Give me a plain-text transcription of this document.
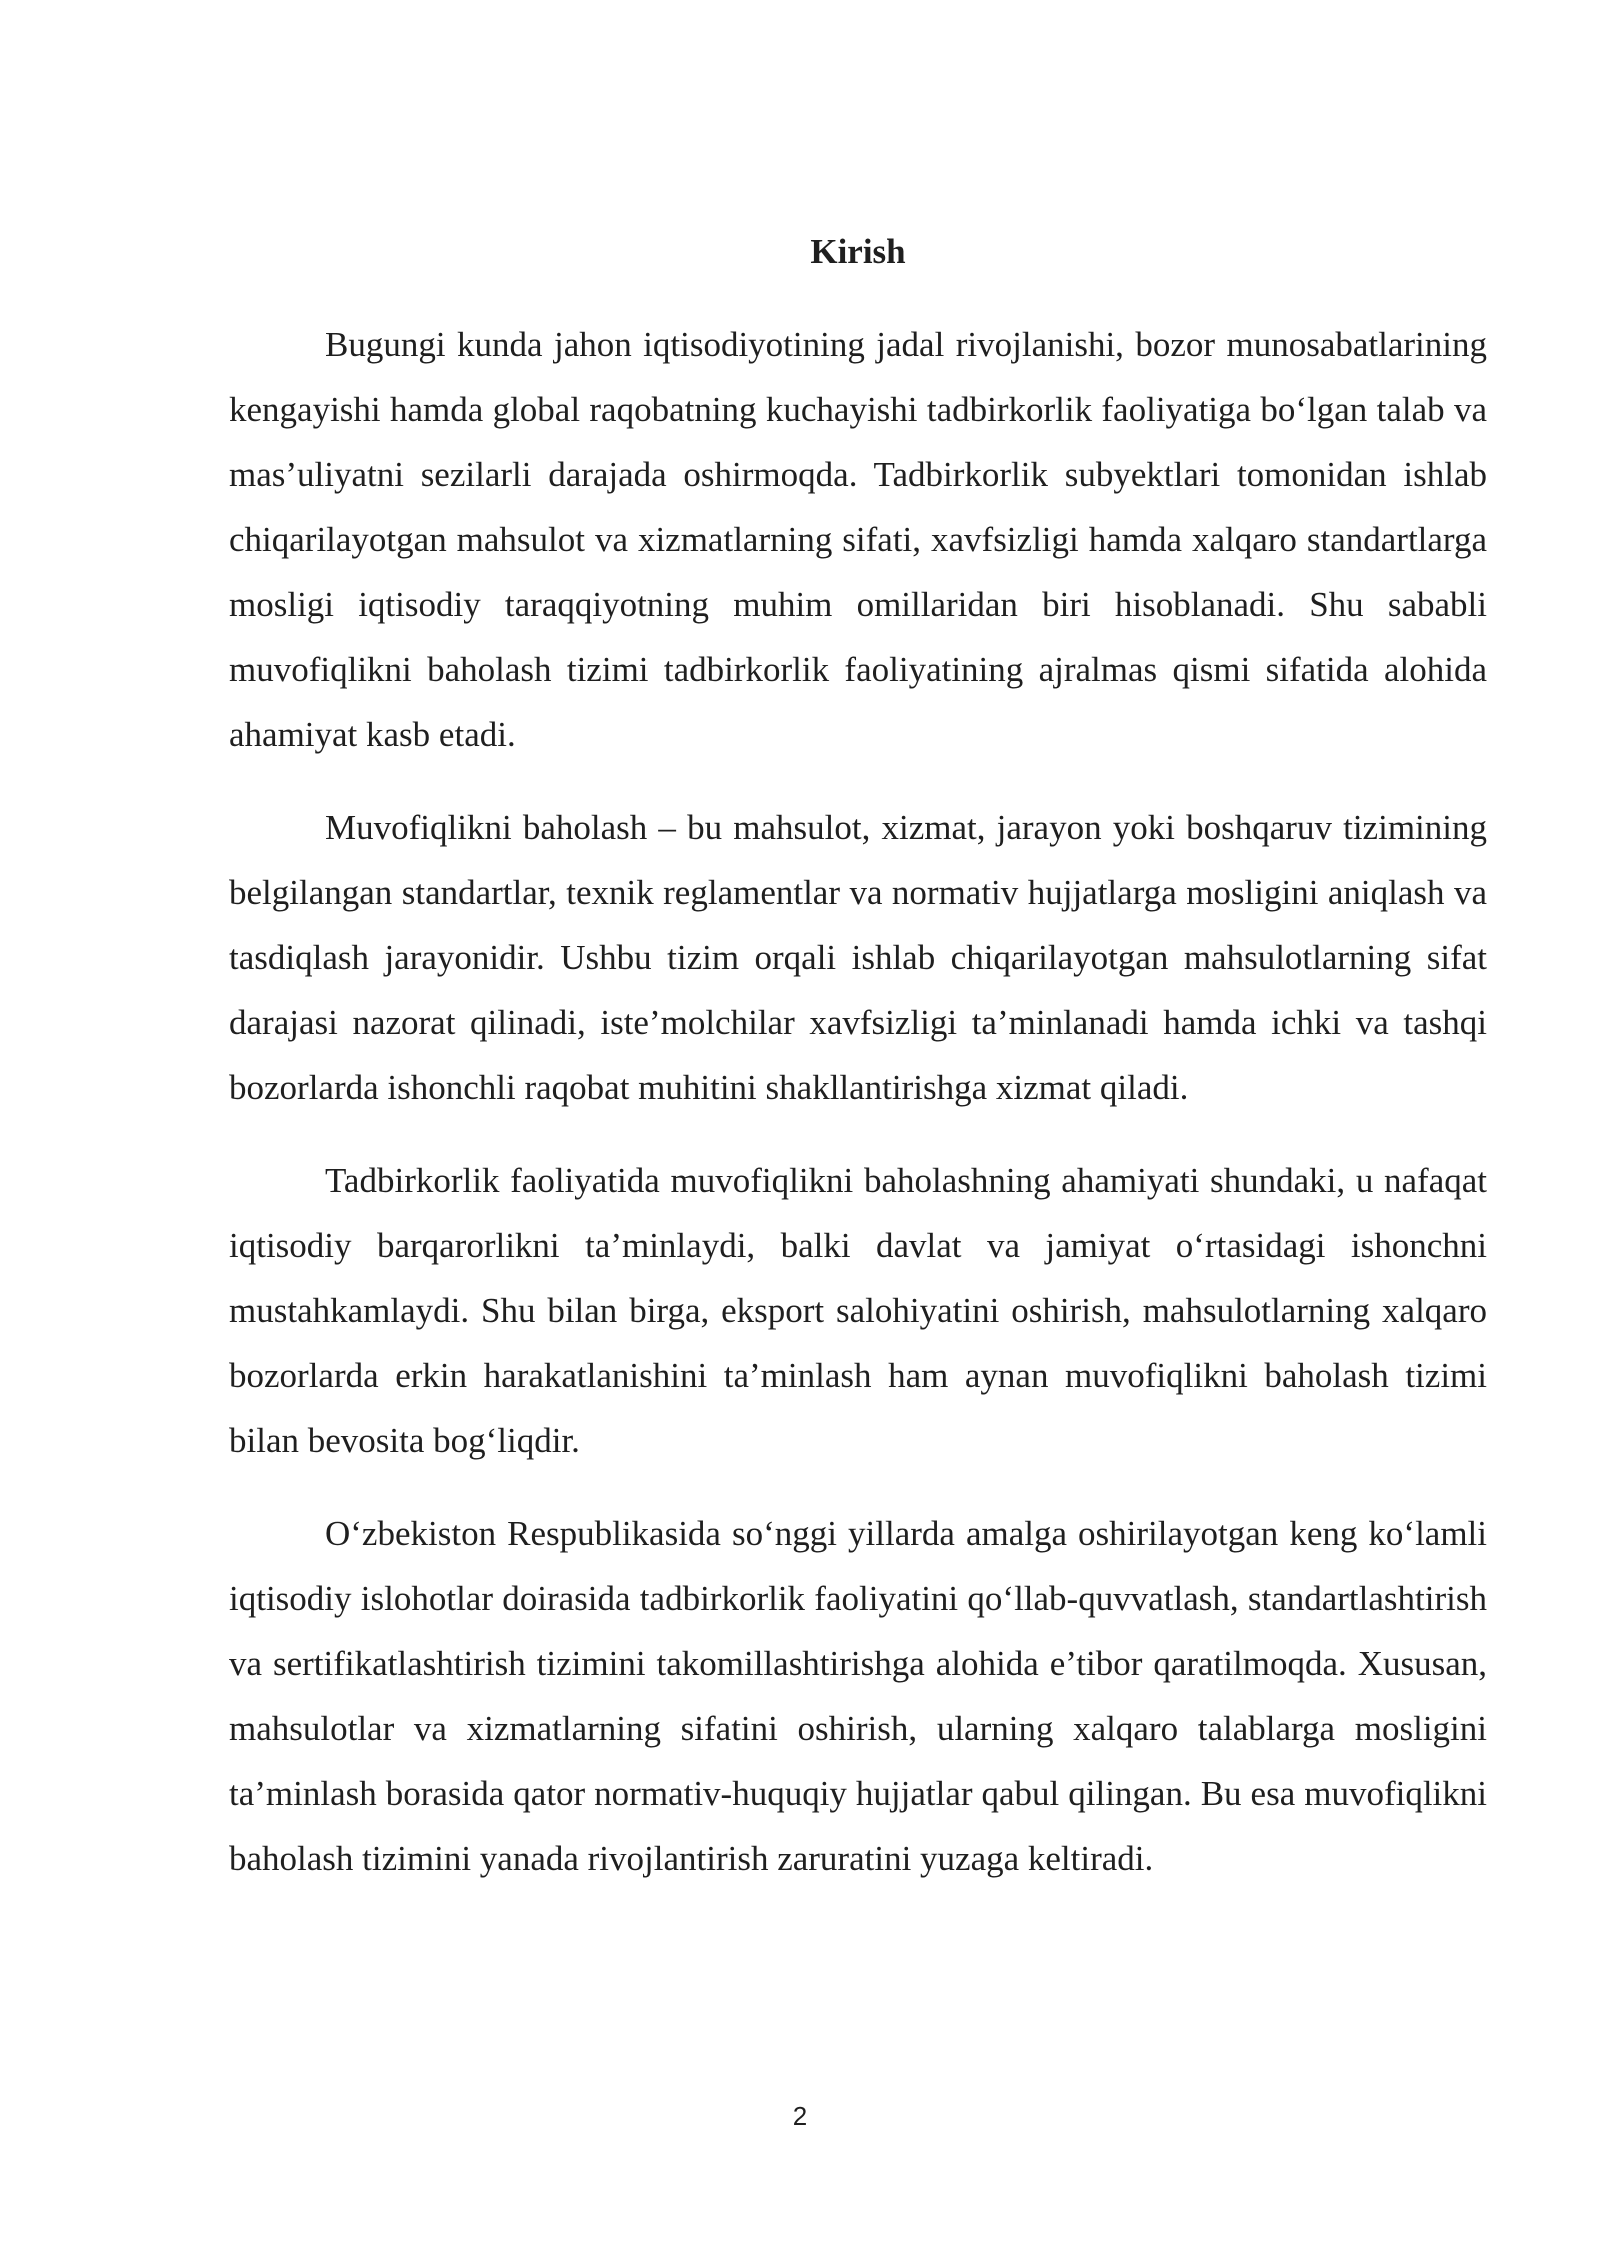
Kirish

Bugungi kunda jahon iqtisodiyotining jadal rivojlanishi, bozor munosabatlarining kengayishi hamda global raqobatning kuchayishi tadbirkorlik faoliyatiga bo‘lgan talab va mas’uliyatni sezilarli darajada oshirmoqda. Tadbirkorlik subyektlari tomonidan ishlab chiqarilayotgan mahsulot va xizmatlarning sifati, xavfsizligi hamda xalqaro standartlarga mosligi iqtisodiy taraqqiyotning muhim omillaridan biri hisoblanadi. Shu sababli muvofiqlikni baholash tizimi tadbirkorlik faoliyatining ajralmas qismi sifatida alohida ahamiyat kasb etadi.

Muvofiqlikni baholash – bu mahsulot, xizmat, jarayon yoki boshqaruv tizimining belgilangan standartlar, texnik reglamentlar va normativ hujjatlarga mosligini aniqlash va tasdiqlash jarayonidir. Ushbu tizim orqali ishlab chiqarilayotgan mahsulotlarning sifat darajasi nazorat qilinadi, iste’molchilar xavfsizligi ta’minlanadi hamda ichki va tashqi bozorlarda ishonchli raqobat muhitini shakllantirishga xizmat qiladi.

Tadbirkorlik faoliyatida muvofiqlikni baholashning ahamiyati shundaki, u nafaqat iqtisodiy barqarorlikni ta’minlaydi, balki davlat va jamiyat o‘rtasidagi ishonchni mustahkamlaydi. Shu bilan birga, eksport salohiyatini oshirish, mahsulotlarning xalqaro bozorlarda erkin harakatlanishini ta’minlash ham aynan muvofiqlikni baholash tizimi bilan bevosita bog‘liqdir.

O‘zbekiston Respublikasida so‘nggi yillarda amalga oshirilayotgan keng ko‘lamli iqtisodiy islohotlar doirasida tadbirkorlik faoliyatini qo‘llab-quvvatlash, standartlashtirish va sertifikatlashtirish tizimini takomillashtirishga alohida e’tibor qaratilmoqda. Xususan, mahsulotlar va xizmatlarning sifatini oshirish, ularning xalqaro talablarga mosligini ta’minlash borasida qator normativ-huquqiy hujjatlar qabul qilingan. Bu esa muvofiqlikni baholash tizimini yanada rivojlantirish zaruratini yuzaga keltiradi.

2
